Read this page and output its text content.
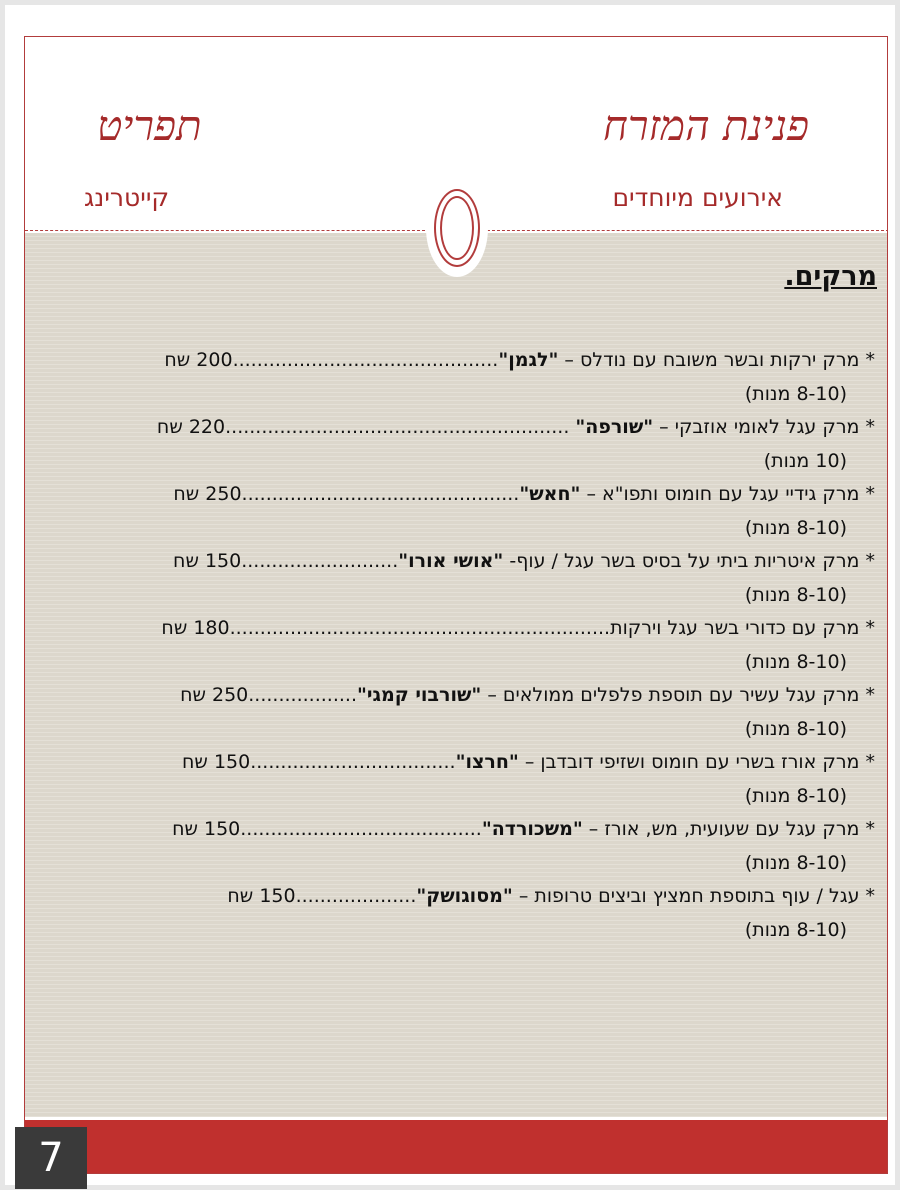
פנינת המזרח
תפריט
אירועים מיוחדים
קייטרינג
מרקים.
* מרק ירקות ובשר משובח עם נודלס – "לגמן"............................................200 שח
(8-10 מנות)
* מרק עגל לאומי אוזבקי – "שורפה" .........................................................220 שח
(10 מנות)
* מרק גידיי עגל עם חומוס ותפו"א – "חאש"..............................................250 שח
(8-10 מנות)
* מרק איטריות ביתי על בסיס בשר עגל / עוף- "אושי אורו"..........................150 שח
(8-10 מנות)
* מרק עם כדורי בשר עגל וירקות...............................................................180 שח
(8-10 מנות)
* מרק עגל עשיר עם תוספת פלפלים ממולאים – "שורבוי קמגי"..................250 שח
(8-10 מנות)
* מרק אורז בשרי עם חומוס ושזיפי דובדבן – "חרצו"..................................150 שח
(8-10 מנות)
* מרק עגל עם שעועית, מש, אורז – "משכורדה"........................................150 שח
(8-10 מנות)
* עגל / עוף בתוספת חמציץ וביצים טרופות – "מסוגושק"....................150 שח
(8-10 מנות)
7
